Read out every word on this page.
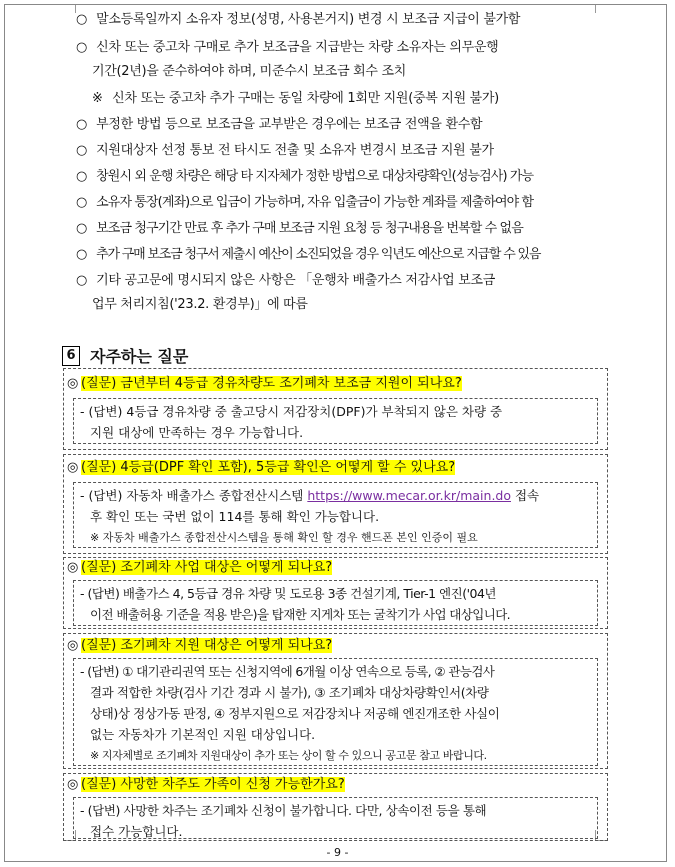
○ 말소등록일까지 소유자 정보(성명, 사용본거지) 변경 시 보조금 지급이 불가함
○ 신차 또는 중고차 구매로 추가 보조금을 지급받는 차량 소유자는 의무운행
기간(2년)을 준수하여야 하며, 미준수시 보조금 회수 조치
※ 신차 또는 중고차 추가 구매는 동일 차량에 1회만 지원(중복 지원 불가)
○ 부정한 방법 등으로 보조금을 교부받은 경우에는 보조금 전액을 환수함
○ 지원대상자 선정 통보 전 타시도 전출 및 소유자 변경시 보조금 지원 불가
○ 창원시 외 운행 차량은 해당 타 지자체가 정한 방법으로 대상차량확인(성능검사) 가능
○ 소유자 통장(계좌)으로 입금이 가능하며, 자유 입출금이 가능한 계좌를 제출하여야 함
○ 보조금 청구기간 만료 후 추가 구매 보조금 지원 요청 등 청구내용을 번복할 수 없음
○ 추가 구매 보조금 청구서 제출시 예산이 소진되었을 경우 익년도 예산으로 지급할 수 있음
○ 기타 공고문에 명시되지 않은 사항은 「운행차 배출가스 저감사업 보조금
업무 처리지침('23.2. 환경부)」에 따름
6 자주하는 질문
◎ (질문) 금년부터 4등급 경유차량도 조기폐차 보조금 지원이 되나요?
- (답변) 4등급 경유차량 중 출고당시 저감장치(DPF)가 부착되지 않은 차량 중
지원 대상에 만족하는 경우 가능합니다.
◎ (질문) 4등급(DPF 확인 포함), 5등급 확인은 어떻게 할 수 있나요?
- (답변) 자동차 배출가스 종합전산시스템 https://www.mecar.or.kr/main.do 접속
후 확인 또는 국번 없이 114를 통해 확인 가능합니다.
※ 자동차 배출가스 종합전산시스템을 통해 확인 할 경우 핸드폰 본인 인증이 필요
◎ (질문) 조기폐차 사업 대상은 어떻게 되나요?
- (답변) 배출가스 4, 5등급 경유 차량 및 도로용 3종 건설기계, Tier-1 엔진('04년
이전 배출허용 기준을 적용 받은)을 탑재한 지게차 또는 굴착기가 사업 대상입니다.
◎ (질문) 조기폐차 지원 대상은 어떻게 되나요?
- (답변) ① 대기관리권역 또는 신청지역에 6개월 이상 연속으로 등록, ② 관능검사
결과 적합한 차량(검사 기간 경과 시 불가), ③ 조기폐차 대상차량확인서(차량
상태)상 정상가동 판정, ④ 정부지원으로 저감장치나 저공해 엔진개조한 사실이
없는 자동차가 기본적인 지원 대상입니다.
※ 지자체별로 조기폐차 지원대상이 추가 또는 상이 할 수 있으니 공고문 참고 바랍니다.
◎ (질문) 사망한 차주도 가족이 신청 가능한가요?
- (답변) 사망한 차주는 조기폐차 신청이 불가합니다. 다만, 상속이전 등을 통해
접수 가능합니다.
- 9 -
